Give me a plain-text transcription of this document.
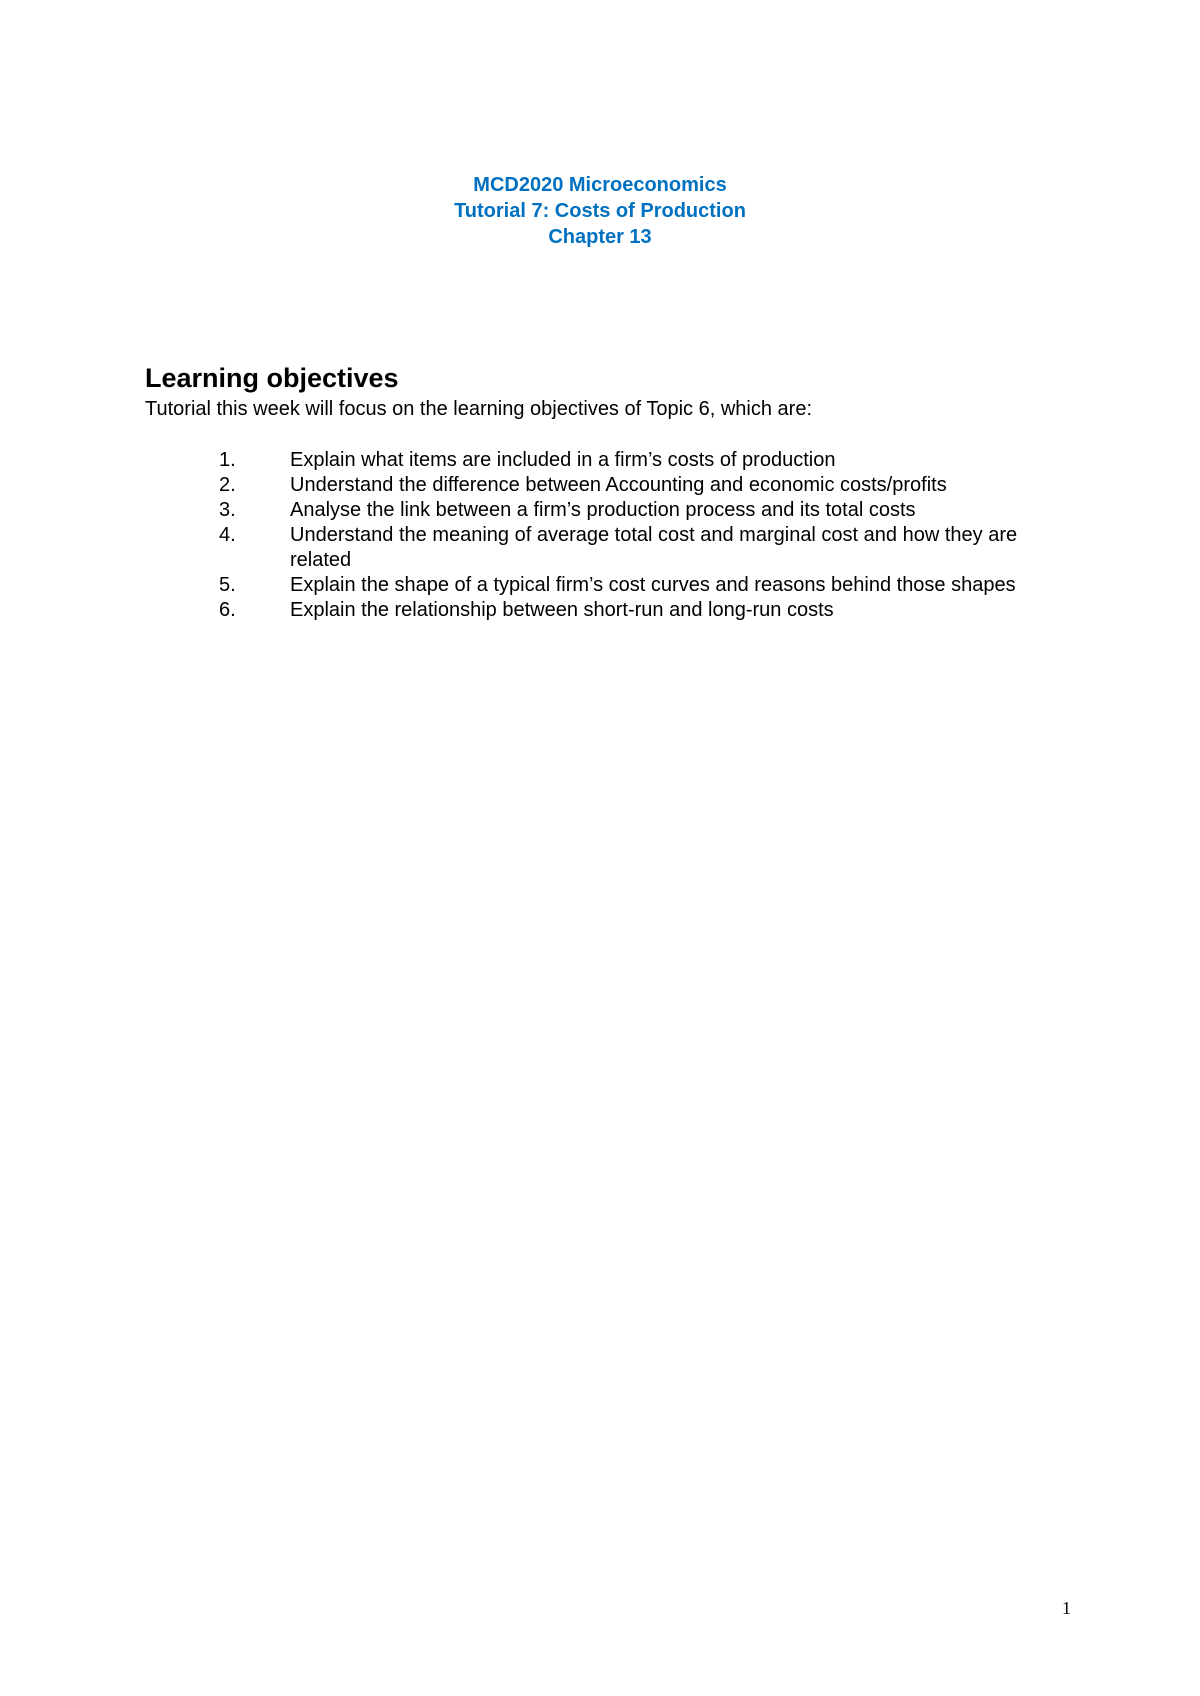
MCD2020 Microeconomics
Tutorial 7: Costs of Production
Chapter 13
Learning objectives

Tutorial this week will focus on the learning objectives of Topic 6, which are:

1.	Explain what items are included in a firm’s costs of production
2.	Understand the difference between Accounting and economic costs/profits
3.	Analyse the link between a firm’s production process and its total costs
4.	Understand the meaning of average total cost and marginal cost and how they are related
5.	Explain the shape of a typical firm’s cost curves and reasons behind those shapes
6.	Explain the relationship between short-run and long-run costs
1
